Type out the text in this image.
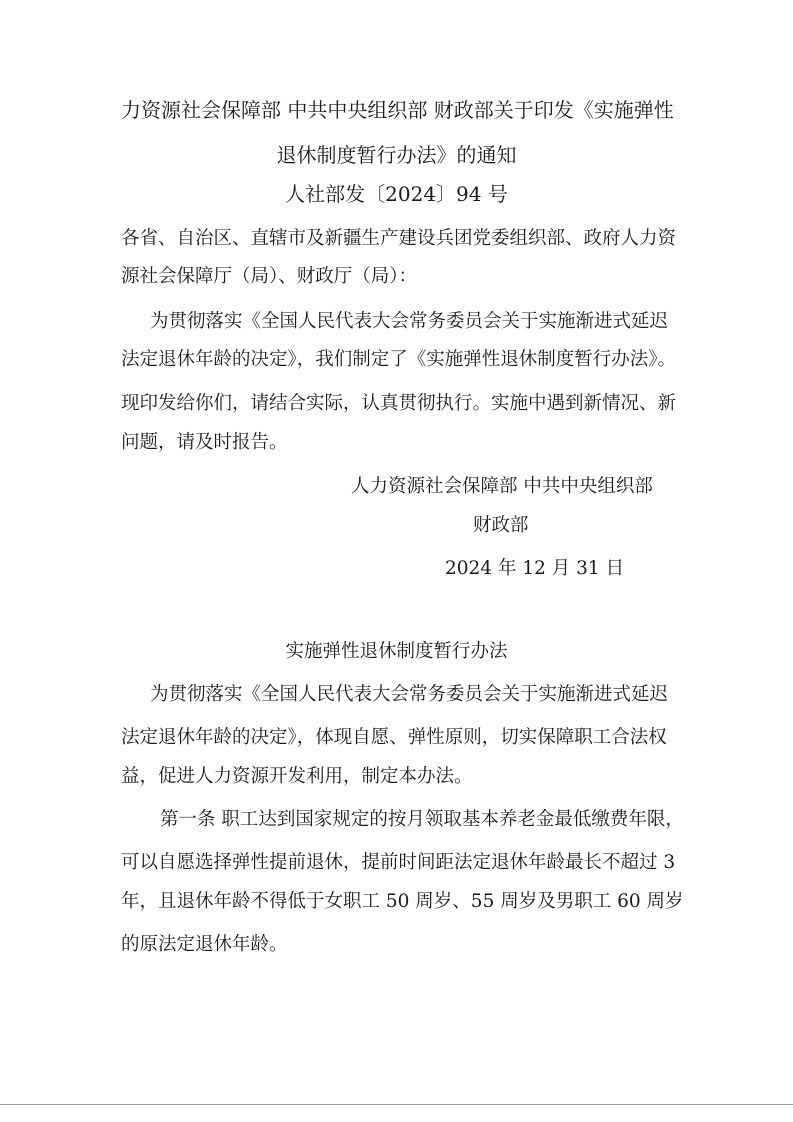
力资源社会保障部 中共中央组织部 财政部关于印发《实施弹性
退休制度暂行办法》的通知
人社部发〔2024〕94 号
各省、自治区、直辖市及新疆生产建设兵团党委组织部、政府人力资
源社会保障厅（局）、财政厅（局）：
为贯彻落实《全国人民代表大会常务委员会关于实施渐进式延迟
法定退休年龄的决定》，我们制定了《实施弹性退休制度暂行办法》。
现印发给你们，请结合实际，认真贯彻执行。实施中遇到新情况、新
问题，请及时报告。
人力资源社会保障部 中共中央组织部
财政部
2024 年 12 月 31 日
实施弹性退休制度暂行办法
为贯彻落实《全国人民代表大会常务委员会关于实施渐进式延迟
法定退休年龄的决定》，体现自愿、弹性原则，切实保障职工合法权
益，促进人力资源开发利用，制定本办法。
第一条 职工达到国家规定的按月领取基本养老金最低缴费年限，
可以自愿选择弹性提前退休，提前时间距法定退休年龄最长不超过 3
年，且退休年龄不得低于女职工 50 周岁、55 周岁及男职工 60 周岁
的原法定退休年龄。
